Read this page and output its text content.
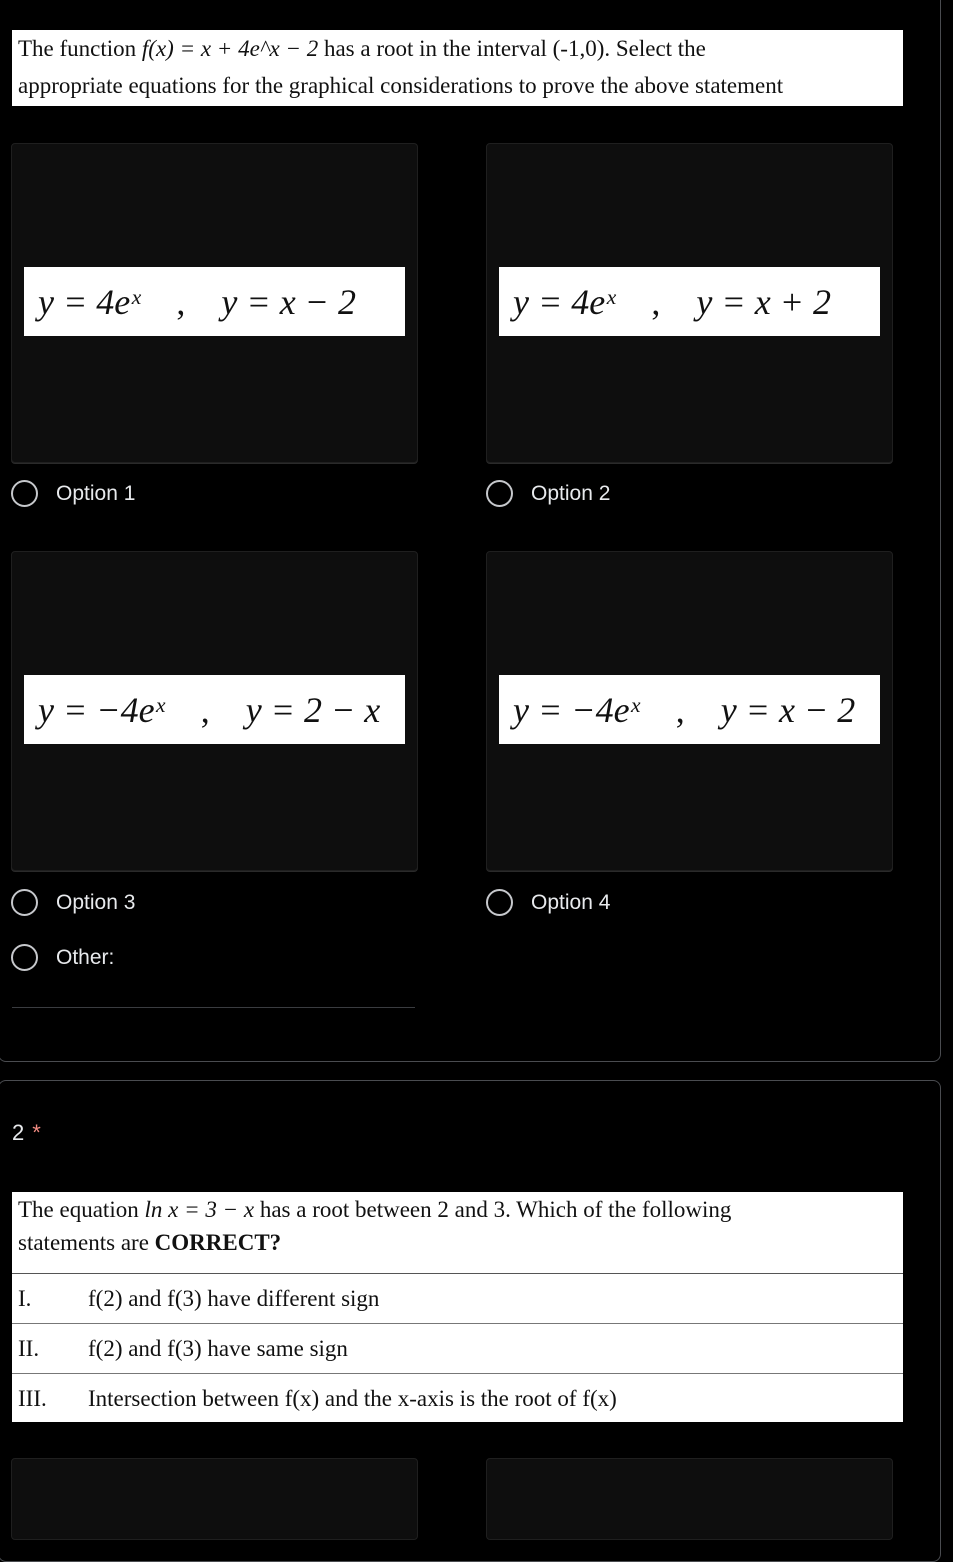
The function f(x) = x + 4e^x − 2 has a root in the interval (-1,0). Select the

appropriate equations for the graphical considerations to prove the above statement

y = 4eˣ , y = x − 2	y = 4eˣ , y = x + 2
Option 1	Option 2
y = −4eˣ , y = 2 − x	y = −4eˣ , y = x − 2
Option 3	Option 4
Other:
2 *
The equation ln x = 3 − x has a root between 2 and 3. Which of the following
statements are CORRECT?
I.	f(2) and f(3) have different sign
II.	f(2) and f(3) have same sign
III.	Intersection between f(x) and the x-axis is the root of f(x)
